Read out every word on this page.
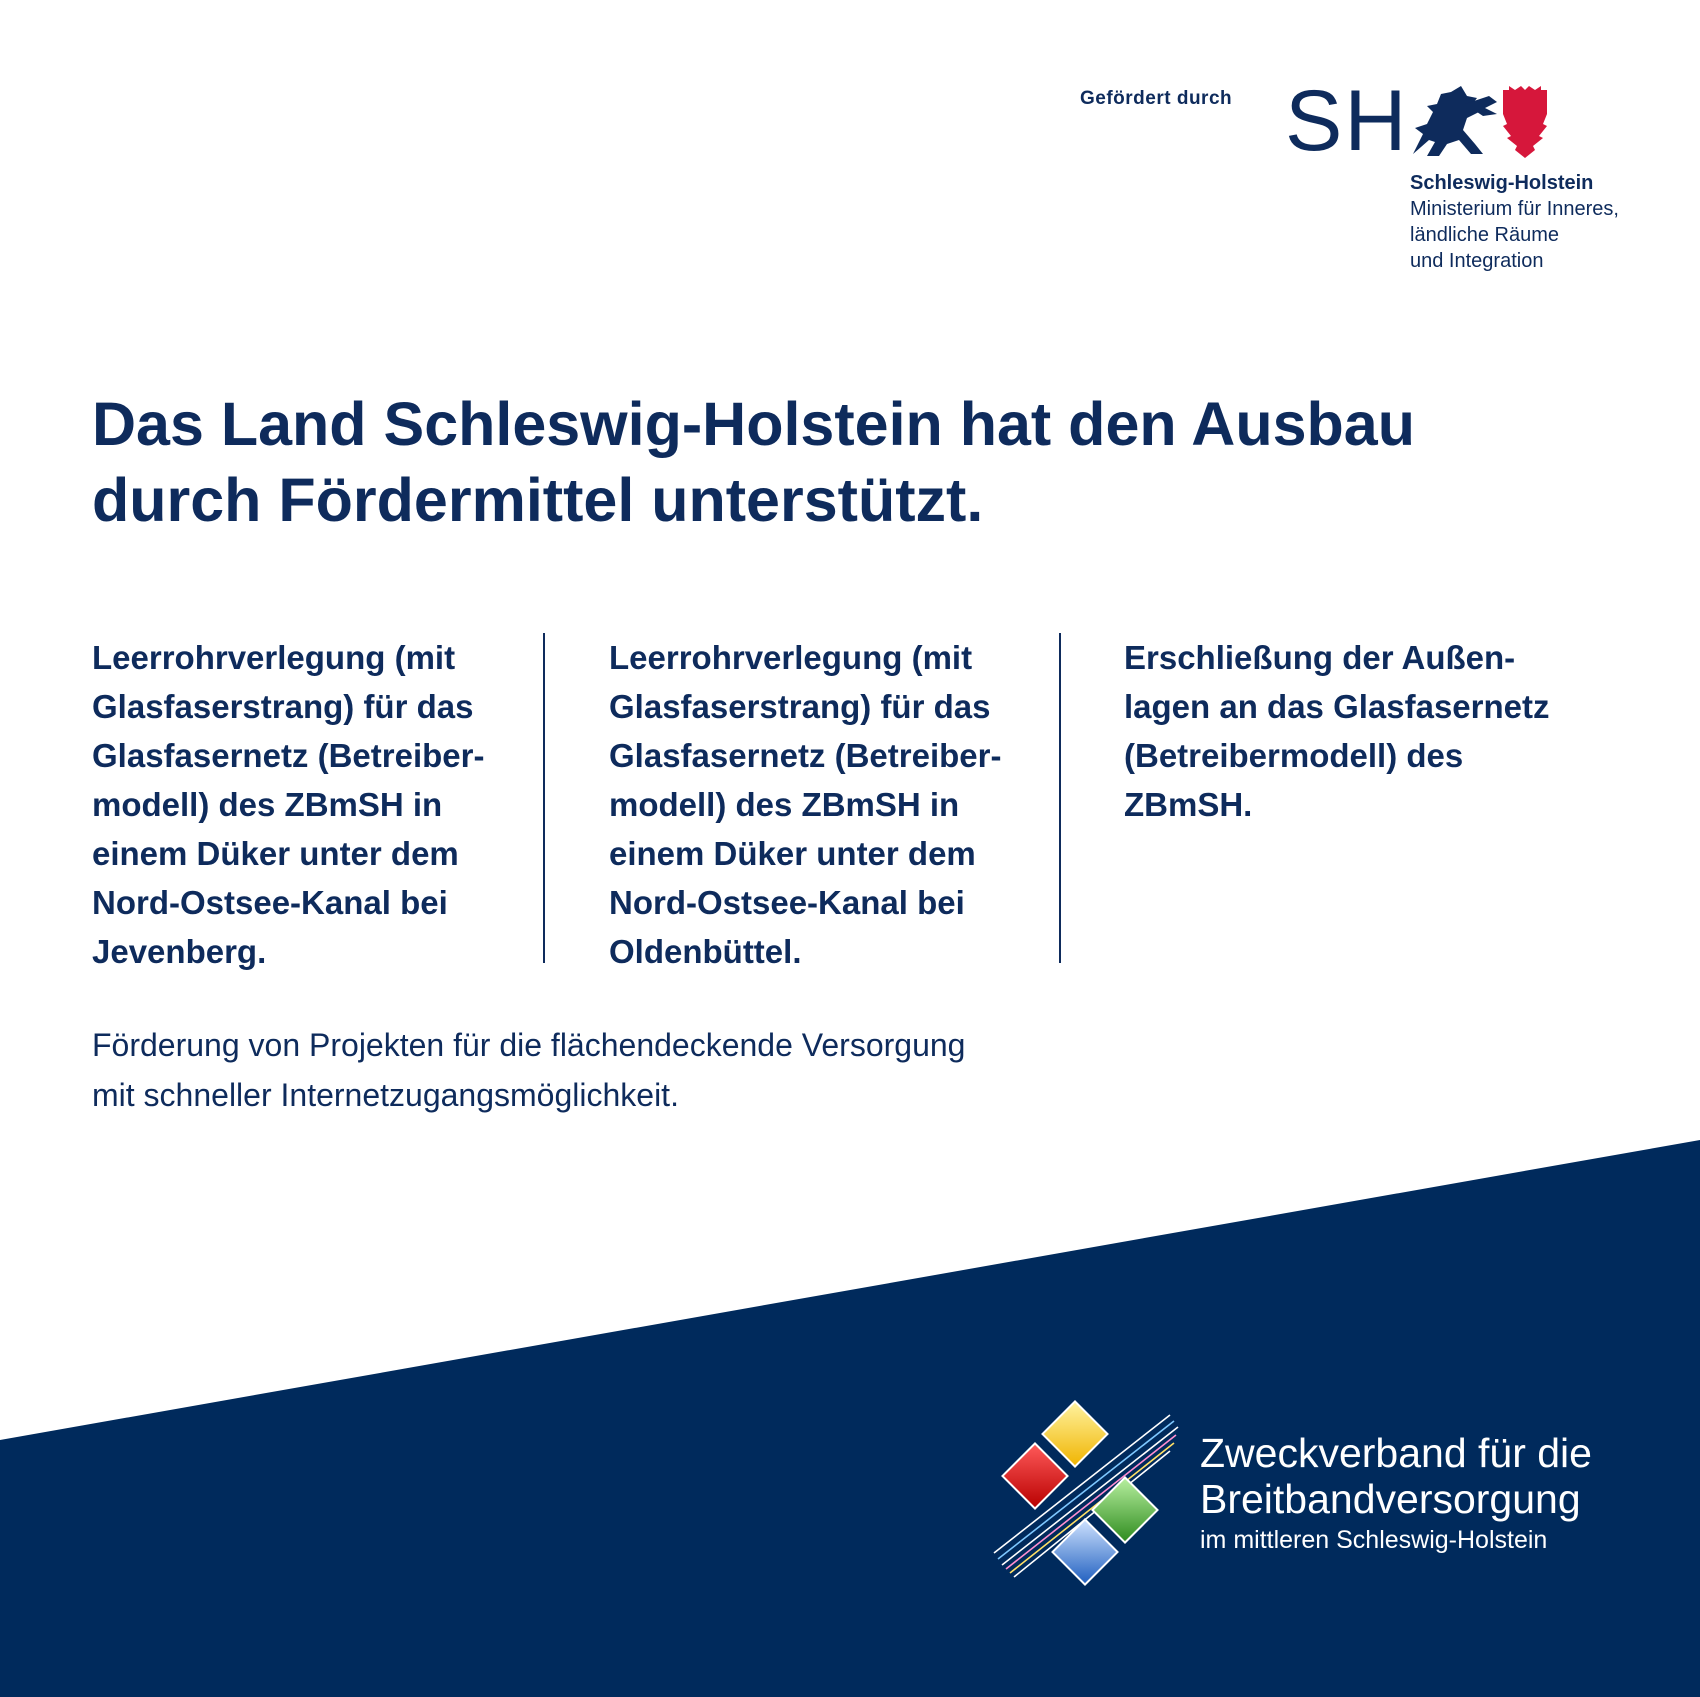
Gefördert durch SH
Schleswig-Holstein
Ministerium für Inneres,
ländliche Räume
und Integration
Das Land Schleswig-Holstein hat den Ausbau durch Fördermittel unterstützt.

Leerrohrverlegung (mit
Glasfaserstrang) für das
Glasfasernetz (Betreiber-
modell) des ZBmSH in
einem Düker unter dem
Nord-Ostsee-Kanal bei
Jevenberg.

Leerrohrverlegung (mit
Glasfaserstrang) für das
Glasfasernetz (Betreiber-
modell) des ZBmSH in
einem Düker unter dem
Nord-Ostsee-Kanal bei
Oldenbüttel.

Erschließung der Außen-
lagen an das Glasfasernetz
(Betreibermodell) des
ZBmSH.

Förderung von Projekten für die flächendeckende Versorgung
mit schneller Internetzugangsmöglichkeit.

Zweckverband für die
Breitbandversorgung
im mittleren Schleswig-Holstein
